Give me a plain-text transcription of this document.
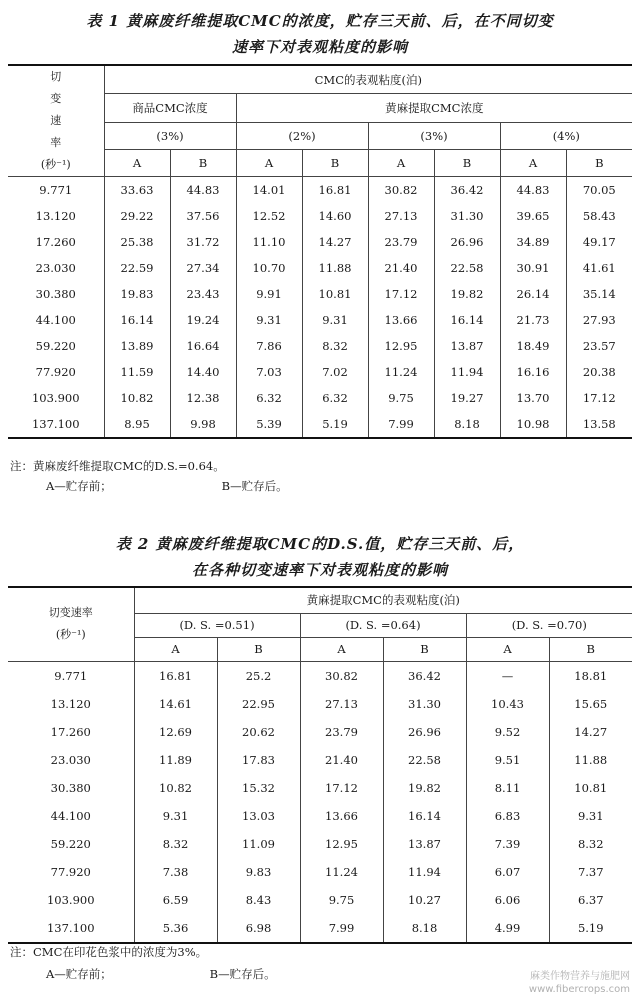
表 1 黄麻废纤维提取CMC的浓度，贮存三天前、后，在不同切变
速率下对表观粘度的影响
切
变
速
率
(秒⁻¹)	CMC的表观粘度(泊)							
	商品CMC浓度		黄麻提取CMC浓度					
	(3%)		(2%)		(3%)		(4%)	
	A	B	A	B	A	B	A	B
9.771	33.63	44.83	14.01	16.81	30.82	36.42	44.83	70.05
13.120	29.22	37.56	12.52	14.60	27.13	31.30	39.65	58.43
17.260	25.38	31.72	11.10	14.27	23.79	26.96	34.89	49.17
23.030	22.59	27.34	10.70	11.88	21.40	22.58	30.91	41.61
30.380	19.83	23.43	9.91	10.81	17.12	19.82	26.14	35.14
44.100	16.14	19.24	9.31	9.31	13.66	16.14	21.73	27.93
59.220	13.89	16.64	7.86	8.32	12.95	13.87	18.49	23.57
77.920	11.59	14.40	7.03	7.02	11.24	11.94	16.16	20.38
103.900	10.82	12.38	6.32	6.32	9.75	19.27	13.70	17.12
137.100	8.95	9.98	5.39	5.19	7.99	8.18	10.98	13.58
注：黄麻废纤维提取CMC的D.S.=0.64。
A—贮存前；	B—贮存后。
表 2 黄麻废纤维提取CMC的D.S.值，贮存三天前、后，
在各种切变速率下对表观粘度的影响
切变速率
(秒⁻¹)	黄麻提取CMC的表观粘度(泊)					
	(D. S. =0.51)		(D. S. =0.64)		(D. S. =0.70)	
	A	B	A	B	A	B
9.771	16.81	25.2	30.82	36.42	—	18.81
13.120	14.61	22.95	27.13	31.30	10.43	15.65
17.260	12.69	20.62	23.79	26.96	9.52	14.27
23.030	11.89	17.83	21.40	22.58	9.51	11.88
30.380	10.82	15.32	17.12	19.82	8.11	10.81
44.100	9.31	13.03	13.66	16.14	6.83	9.31
59.220	8.32	11.09	12.95	13.87	7.39	8.32
77.920	7.38	9.83	11.24	11.94	6.07	7.37
103.900	6.59	8.43	9.75	10.27	6.06	6.37
137.100	5.36	6.98	7.99	8.18	4.99	5.19
注：CMC在印花色浆中的浓度为3%。
A—贮存前；	B—贮存后。	麻类作物营养与施肥网
www.fibercrops.com
